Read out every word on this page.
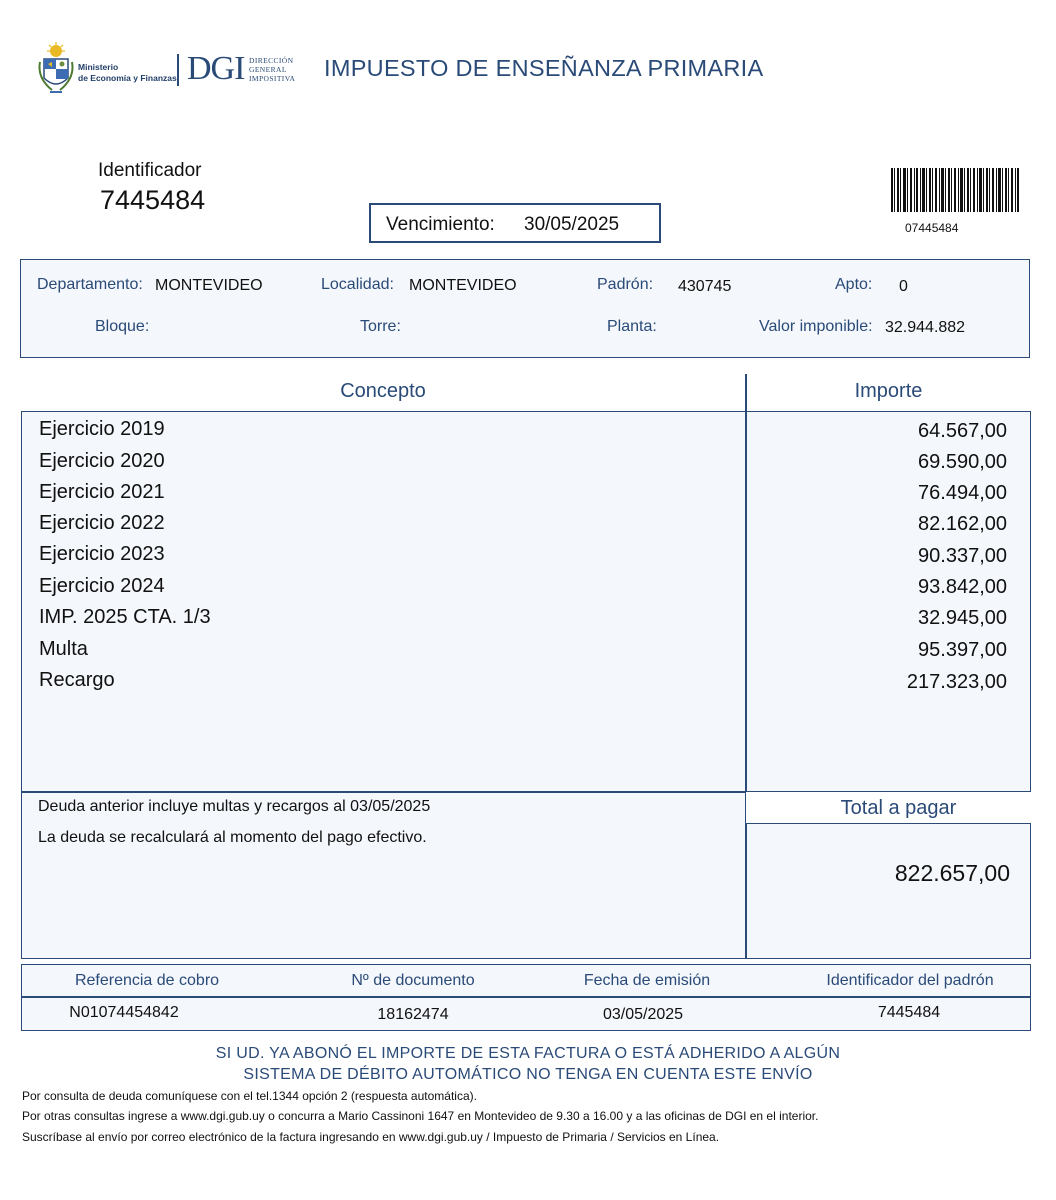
Ministerio
de Economía y Finanzas DGI DIRECCIÓN
GENERAL
IMPOSITIVA IMPUESTO DE ENSEÑANZA PRIMARIA
Identificador
7445484
Vencimiento: 30/05/2025	07445484
Departamento: MONTEVIDEO	Localidad: MONTEVIDEO	Padrón: 430745	Apto: 0
Bloque:	Torre:	Planta:	Valor imponible: 32.944.882
Concepto	Importe
Ejercicio 2019	64.567,00
Ejercicio 2020	69.590,00
Ejercicio 2021	76.494,00
Ejercicio 2022	82.162,00
Ejercicio 2023	90.337,00
Ejercicio 2024	93.842,00
IMP. 2025 CTA. 1/3	32.945,00
Multa	95.397,00
Recargo	217.323,00
Deuda anterior incluye multas y recargos al 03/05/2025
La deuda se recalculará al momento del pago efectivo.
Total a pagar
822.657,00
Referencia de cobro	Nº de documento	Fecha de emisión	Identificador del padrón
N01074454842	18162474	03/05/2025	7445484
SI UD. YA ABONÓ EL IMPORTE DE ESTA FACTURA O ESTÁ ADHERIDO A ALGÚN
SISTEMA DE DÉBITO AUTOMÁTICO NO TENGA EN CUENTA ESTE ENVÍO
Por consulta de deuda comuníquese con el tel.1344 opción 2 (respuesta automática).
Por otras consultas ingrese a www.dgi.gub.uy o concurra a Mario Cassinoni 1647 en Montevideo de 9.30 a 16.00 y a las oficinas de DGI en el interior.
Suscríbase al envío por correo electrónico de la factura ingresando en www.dgi.gub.uy / Impuesto de Primaria / Servicios en Línea.
